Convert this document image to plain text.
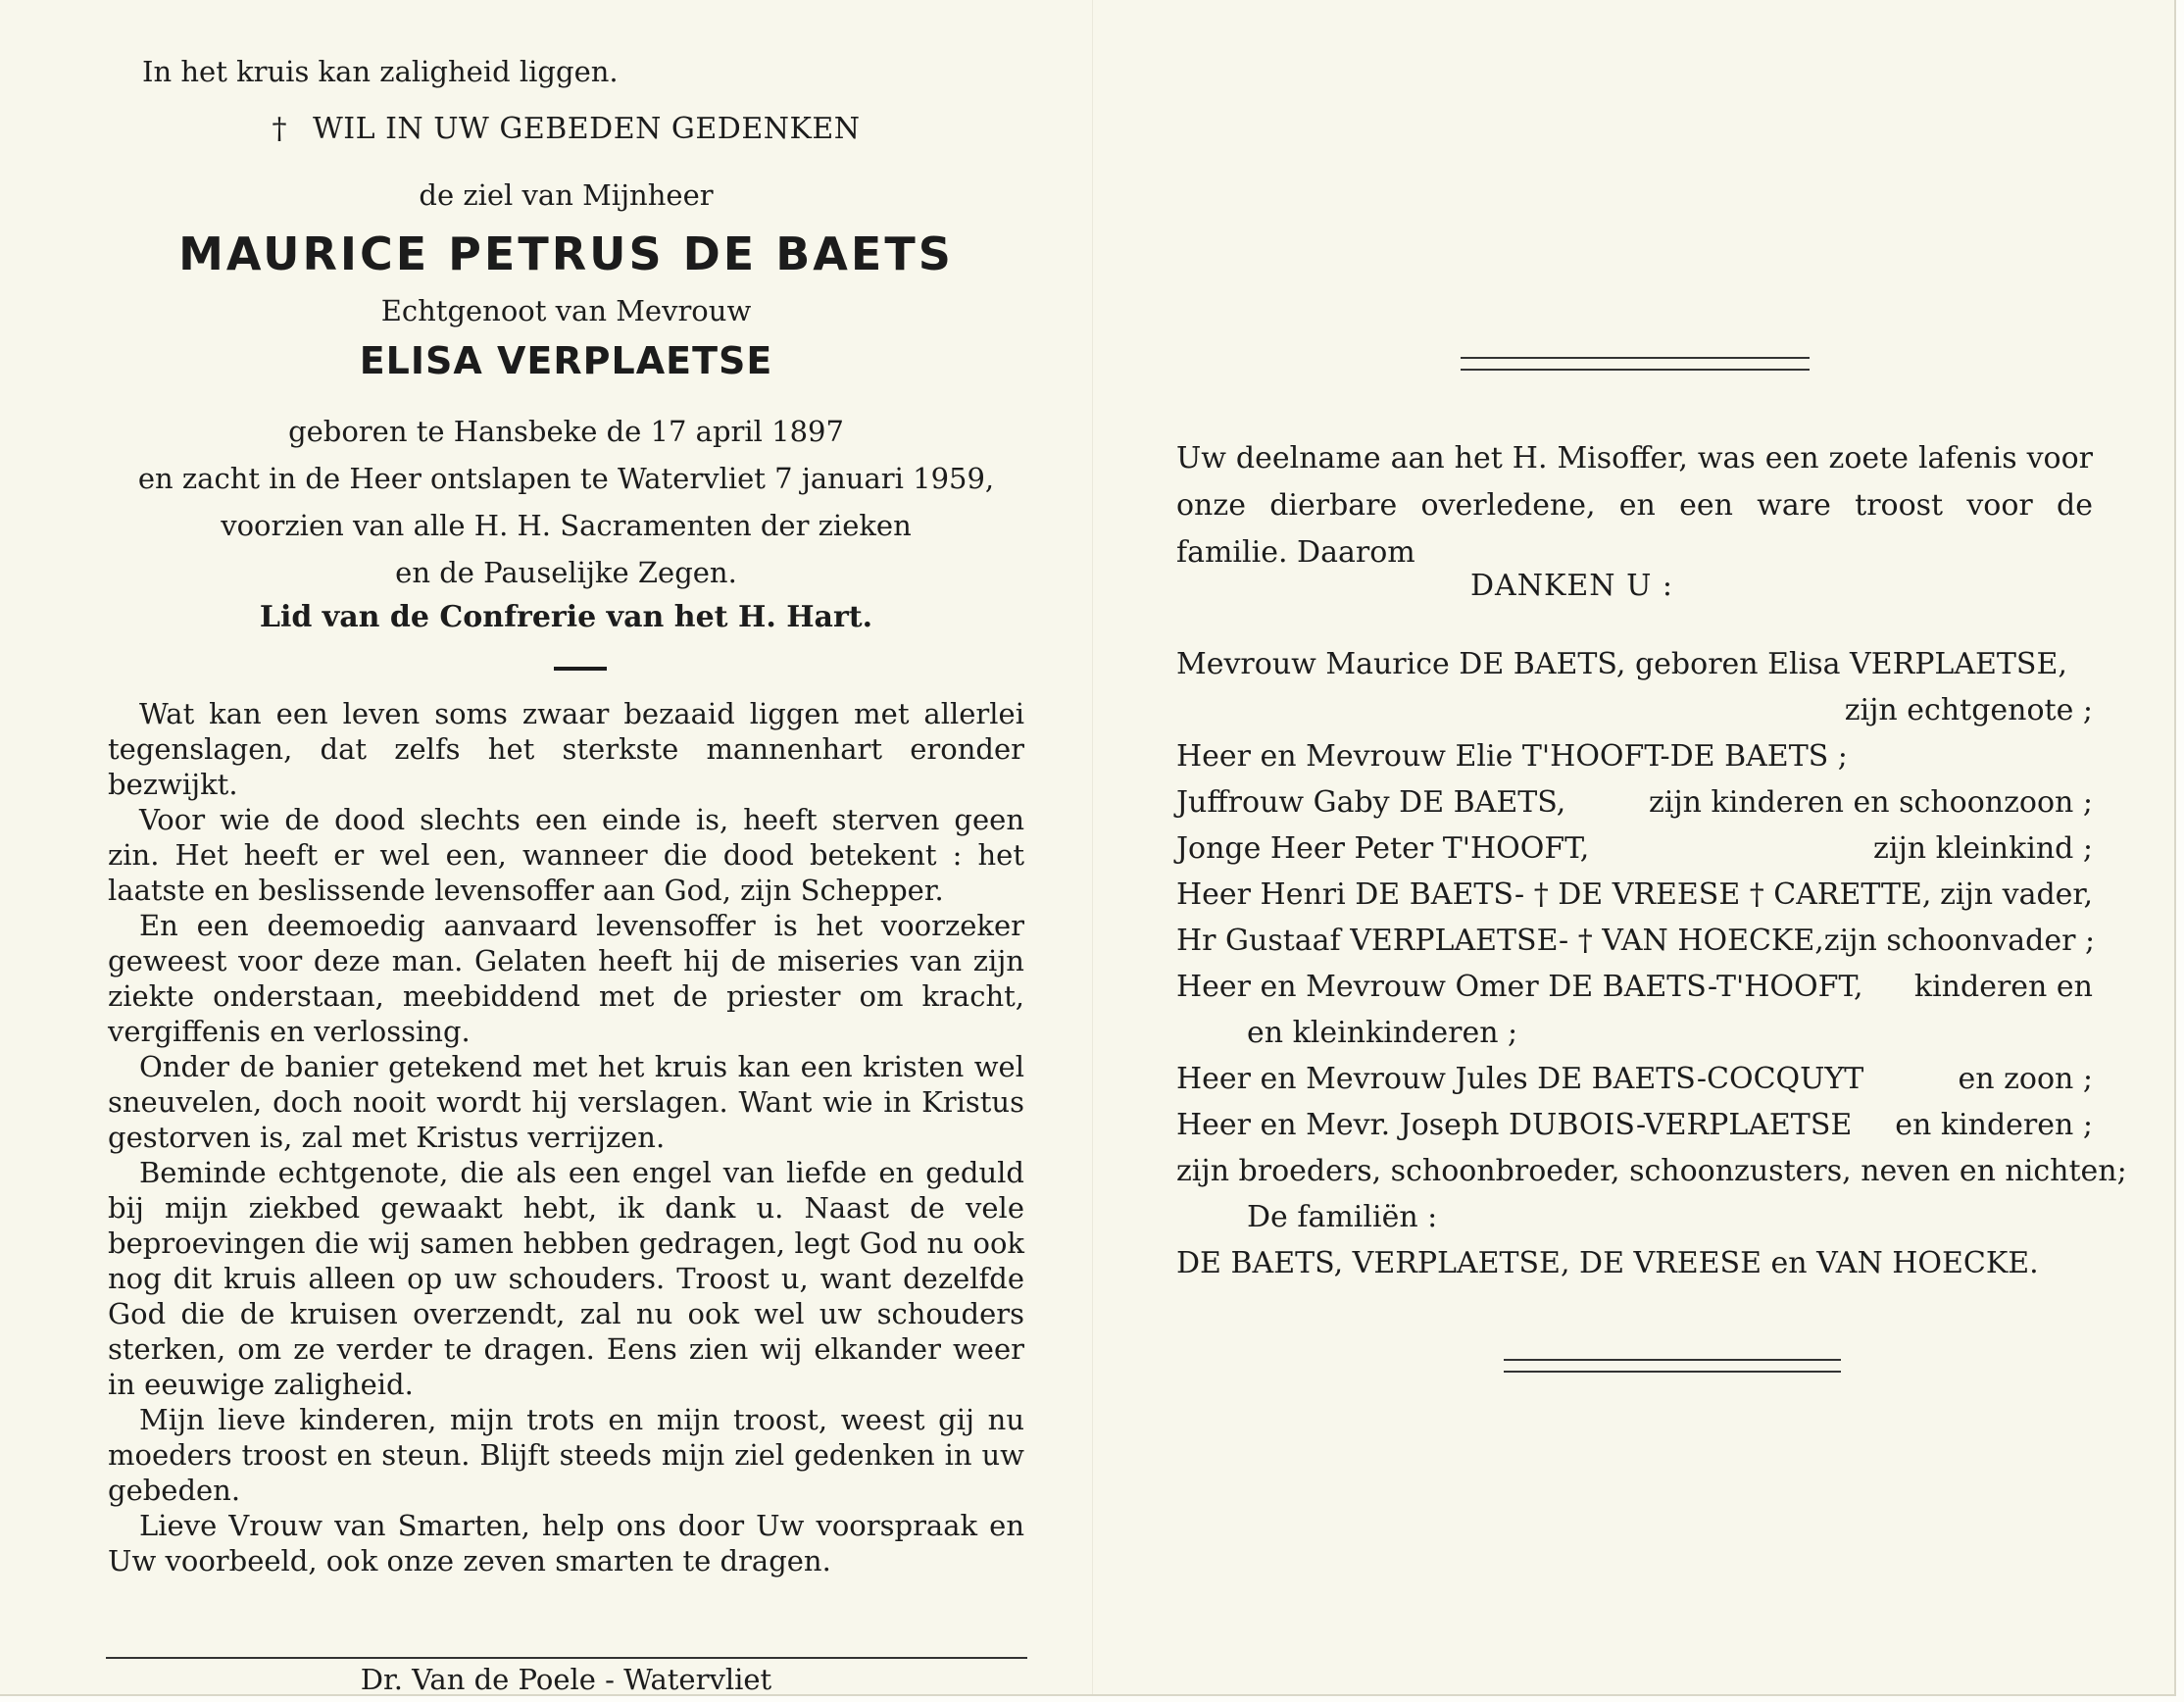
In het kruis kan zaligheid liggen.
† WIL IN UW GEBEDEN GEDENKEN
de ziel van Mijnheer
MAURICE PETRUS DE BAETS
Echtgenoot van Mevrouw
ELISA VERPLAETSE
geboren te Hansbeke de 17 april 1897
en zacht in de Heer ontslapen te Watervliet 7 januari 1959,
voorzien van alle H. H. Sacramenten der zieken
en de Pauselijke Zegen.
Lid van de Confrerie van het H. Hart.

Wat kan een leven soms zwaar bezaaid liggen met allerlei tegenslagen, dat zelfs het sterkste mannenhart eronder bezwijkt.

Voor wie de dood slechts een einde is, heeft sterven geen zin. Het heeft er wel een, wanneer die dood betekent : het laatste en beslissende levensoffer aan God, zijn Schepper.

En een deemoedig aanvaard levensoffer is het voorzeker geweest voor deze man. Gelaten heeft hij de miseries van zijn ziekte onderstaan, meebiddend met de priester om kracht, vergiffenis en verlossing.

Onder de banier getekend met het kruis kan een kristen wel sneuvelen, doch nooit wordt hij verslagen. Want wie in Kristus gestorven is, zal met Kristus verrijzen.

Beminde echtgenote, die als een engel van liefde en geduld bij mijn ziekbed gewaakt hebt, ik dank u. Naast de vele beproevingen die wij samen hebben gedragen, legt God nu ook nog dit kruis alleen op uw schouders. Troost u, want dezelfde God die de kruisen overzendt, zal nu ook wel uw schouders sterken, om ze verder te dragen. Eens zien wij elkander weer in eeuwige zaligheid.

Mijn lieve kinderen, mijn trots en mijn troost, weest gij nu moeders troost en steun. Blijft steeds mijn ziel gedenken in uw gebeden.

Lieve Vrouw van Smarten, help ons door Uw voorspraak en Uw voorbeeld, ook onze zeven smarten te dragen.

Dr. Van de Poele - Watervliet
Uw deelname aan het H. Misoffer, was een zoete lafenis voor onze dierbare overledene, en een ware troost voor de familie. Daarom
DANKEN U :
Mevrouw Maurice DE BAETS, geboren Elisa VERPLAETSE,
zijn echtgenote ;
Heer en Mevrouw Elie T'HOOFT-DE BAETS ;
Juffrouw Gaby DE BAETS,	zijn kinderen en schoonzoon ;
Jonge Heer Peter T'HOOFT,	zijn kleinkind ;
Heer Henri DE BAETS- † DE VREESE † CARETTE, zijn vader,
Hr Gustaaf VERPLAETSE- † VAN HOECKE, zijn schoonvader ;
Heer en Mevrouw Omer DE BAETS-T'HOOFT, kinderen en
en kleinkinderen ;
Heer en Mevrouw Jules DE BAETS-COCQUYT	en zoon ;
Heer en Mevr. Joseph DUBOIS-VERPLAETSE en kinderen ;
zijn broeders, schoonbroeder, schoonzusters, neven en nichten;
De familiën :
DE BAETS, VERPLAETSE, DE VREESE en VAN HOECKE.
